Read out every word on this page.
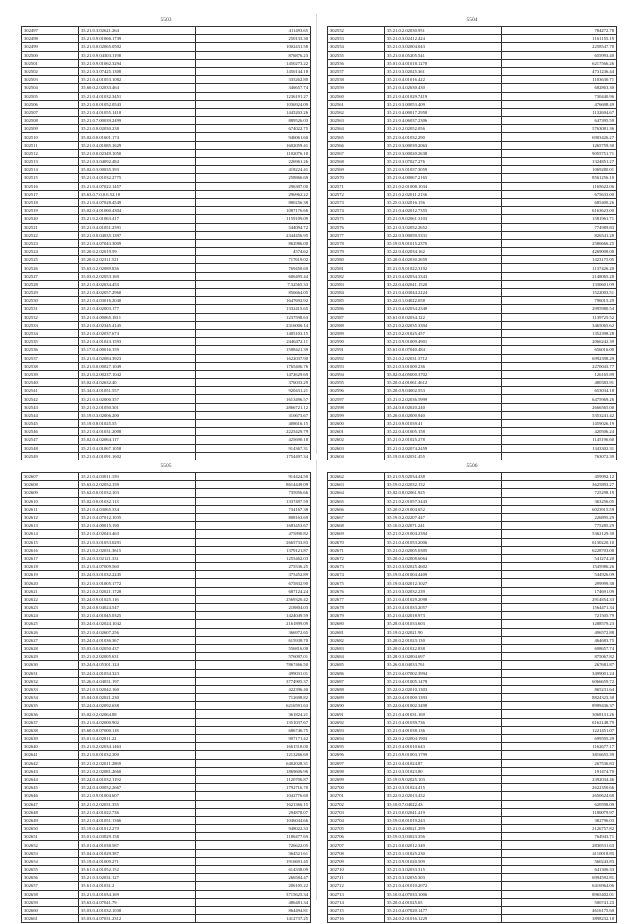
5503
302497	35.21.0.3.02621.264	411493.65
302498	35.21.0.9.01066.1739	250133.30
302499	35.21.0.0.02065.0502	1002431.58
302500	35.21.0.9.04303.1198	876876.23
302501	35.21.0.9.01062.3294	1450273.22
302502	35.21.0.3.07425.1308	1450144.18
302503	35.21.0.4.01053.1082	335262.80
302504	35.60.0.2.02033.464	346657.74
302505	35.21.0.4.01032.3451	1236191.27
302506	35.21.0.0.01052.0543	1036924.09
302507	35.21.0.4.01055.1418	1445203.26
302508	35.21.0.7.00039.2499	889526.03
302509	35.21.0.0.02030.238	674022.75
302510	35.02.0.0.01601.174	946061.60
302511	35.21.0.4.01085.1629	1602059.41
302512	35.21.0.0.02349.1050	1102076.18
302513	35.21.0.3.04092.484	226961.26
302514	35.02.0.3.00035.393	418224.41
302515	35.21.0.4.01032.2775	258866.69
302516	35.21.0.4.07022.1457	296307.00
302517	35.63.0.7.0.0.6.52.18	296962.22
302518	35.21.0.4.07028.4549	880256.38
302519	35.02.0.4.01060.4304	1087176.66
302520	35.21.0.2.01063.417	1159109.09
302521	35.21.0.4.01051.2591	544094.72
302522	35.21.0.0.04035.1397	2344456.95
302523	35.21.0.4.07043.3009	862986.00
302524	35.20.0.2.02019.59	4574.62
302525	35.20.0.2.02311.521	717619.02
302526	35.63.0.2.02089.836	769450.60
302527	35.03.0.2.02053.169	606495.44
302528	35.21.0.4.02634.453	7.32565.33
302529	35.21.0.4.02057.2960	856664.05
302530	35.21.0.4.03016.2040	1647692.92
302531	35.21.0.4.02003.177	1332415.65
302532	35.21.0.4.00065.1811	1237598.63
302533	35.21.0.4.02345.4145	2316006.14
302534	35.21.0.4.02037.674	1405103.15
302535	35.21.0.4.01023.1593	2446472.11
302536	35.17.0.4.00016.159	1588421.39
302537	35.21.0.4.02084.3923	1622037.90
302538	35.21.0.0.00027.1049	1765406.76
302539	35.21.0.2.00237.1042	1472629.69
302540	35.02.0.4.02632.40	376033.29
302541	35.34.0.4.01051.557	920431.21
302542	35.21.0.3.02000.357	1613496.57
302543	35.21.0.2.01050.301	2866721.12
302544	35.19.0.3.02006.200	310673.67
302545	35.19.0.8.01025.55	408616.15
302546	35.21.0.4.01031.2008	2225429.79
302547	35.02.0.4.02064.117	425690.18
302548	35.21.0.4.01067.1058	914367.31
302549	35.21.0.4.01091.1602	1754497.34

5504
302552	35.21.0.2.02030.951	784272.78
302553	35.21.0.3.02412.424	1161155.19
302554	35.21.0.3.02004.043	2258547.70
302555	35.21.0.0.05205.541	655993.40
302556	35.01.0.4.01018.1270	6217566.26
302557	35.21.0.3.02025.361	4731236.44
302558	35.21.0.4.01016.422	1103630.71
302559	35.21.0.4.02630.430	682863.30
302560	35.21.0.4.01029.7419	730440.96
302561	35.21.0.3.00053.409	476698.49
302562	35.21.0.4.00017.2958	1132694.67
302563	35.21.0.4.06037.2306	647395.59
302564	35.21.0.2.02052.056	5763081.36
302565	35.21.0.4.01032.290	6903426.27
302566	35.21.0.3.00039.2063	1265759.30
302567	35.21.0.3.00020.2638	9055751.71
302568	35.21.0.3.07027.276	1324851.27
302569	35.21.0.5.01037.3059	1069280.01
302570	35.21.0.4.00067.2165	8561256.10
302571	35.21.0.2.01008.1034	1165622.06
302572	35.21.0.2.02011.2136	675633.00
302573	35.25.0.3.02016.156	685400.26
302574	35.21.0.4.02012.7355	6163623.00
302575	35.21.0.9.02061.3103	1581961.71
302576	35.21.0.3.02052.2652	774989.83
302577	35.22.0.3.00059.5331	826541.28
302578	35.19.0.9.01015.2370	2580666.25
302579	35.22.0.4.02034.162	4269008.00
302580	35.20.0.4.02030.2659	1423175.05
302581	35.21.0.9.01022.3192	1137426.20
302582	35.21.0.4.02034.3343	2148065.28
302583	35.22.0.4.02041.1520	1330601.09
302584	35.21.0.4.03044.2224	1522003.51
302585	35.22.0.1.04022.058	796015.29
302586	35.21.0.4.02034.2348	2995980.54
302587	35.61.0.0.02034.122	1139725.52
302588	35.21.0.2.02035.3394	3465065.62
302589	35.21.0.2.01025.457	1352398.28
302590	35.21.0.9.01009.4901	2066242.39
302591	35.61.0.0.07040.484	656016.00
302592	35.21.0.2.02031.3712	6992398.29
302593	35.21.0.3.01000.236	2270043.77
302594	35.02.0.4.05000.3702	126165.89
302595	35.20.0.4.01061.4612	480383.91
302596	35.20.0.9.04002.553	653034.18
302597	35.21.0.2.02036.5999	6475969.26
302598	35.24.0.0.02020.240	2666565.00
302599	35.20.0.0.02000.940	5353241.42
302600	35.21.0.9.01039.41	1459026.19
302601	35.22.0.4.01005.158	420506.24
302602	35.21.0.2.01025.278	1145196.60
302603	35.21.0.2.02074.2459	1343302.31
302604	35.19.0.0.02031.455	763072.39

5505
302607	35.21.0.4.03011.159	914424.50
302608	35.63.0.2.02052.159	8614449.09
302609	35.62.0.0.01032.103	735956.66
302610	35.02.0.0.01032.113	1337497.59
302611	35.21.0.4.03065.334	734167.38
302612	35.21.0.4.07012.1035	808163.69
302613	35.21.0.4.00015.190	1683453.67
302614	35.21.0.4.02043.463	475890.82
302615	35.21.0.3.01053.0291	2665733.83
302616	35.21.0.2.02031.3615	1379121.87
302617	35.24.0.3.02121.331	1255462.03
302618	35.21.0.4.07009.560	275536.25
302619	35.24.0.3.01032.2245	375452.89
302620	35.21.0.3.01005.1772	675832.90
302621	35.21.0.2.02021.1728	687124.24
302622	35.24.0.9.01025.116	2569320.42
302623	35.24.0.8.04024.547	218804.03
302624	35.21.0.4.01045.0325	1424049.59
302625	35.24.0.4.02024.1042	2161899.09
302626	35.21.0.4.02607.256	366972.65
302627	35.24.0.4.01036.367	615938.70
302628	35.03.0.0.02050.437	556816.08
302629	35.21.0.2.02005.631	576097.01
302630	35.24.0.4.05301.124	7867466.50
302631	35.24.0.4.01034.323	499031.01
302632	35.26.0.4.04031.197	3774905.37
302633	35.21.0.3.02042.160	422396.40
302634	35.04.0.0.02021.230	712698.82
302635	35.24.0.4.02092.638	6216591.63
302636	35.02.0.2.02064.88	361824.21
302637	35.21.0.4.02000.902	1351037.67
302638	35.60.0.0.07000.118	686746.75
302639	35.01.0.4.02011.22	907171.42
302640	35.21.0.2.02034.1463	1661518.00
302641	35.21.0.0.01032.300	1213266.60
302642	35.21.0.2.02011.2869	6402028.31
302643	35.21.0.2.02081.2660	1869606.96
302644	35.24.0.4.01032.1192	1120706.87
302645	35.24.0.4.00052.2667	1792716.70
302646	35.21.0.9.01004.607	1042776.60
302647	35.21.0.2.02031.355	1621366.15
302648	35.21.0.4.01022.736	294878.07
302649	35.21.0.4.01051.1366	1046044.66
302650	35.19.0.4.01012.270	948022.33
302651	35.01.0.4.03029.158	1186477.69
302652	35.01.0.4.01038.587	726622.05
302653	35.04.0.4.01029.387	364521.61
302654	35.19.0.4.01009.271	1916691.45
302655	35.61.0.4.01052.152	614338.09
302656	35.21.0.3.02031.127	266584.47
302657	35.61.0.4.01031.2	206105.22
302658	35.21.0.4.01034.169	3715625.34
302659	35.63.0.4.07041.79	486481.34
302660	35.03.0.4.01032.1038	864494.81
302661	35.03.0.4.07031.2312	1412737.25
5506
302662	35.21.0.9.02034.438	459992.12
302663	35.19.0.2.02032.152	3625893.27
302664	35.02.0.8.02061.925	725298.19
302665	35.21.0.2.01057.3443	363256.05
302666	35.20.0.2.01004.652	6023915.59
302667	35.19.0.2.02207.447	226895.29
302668	35.10.0.2.02071.241	775285.29
302669	35.21.0.2.01004.2394	5362129.30
302670	35.21.0.4.01053.2006	6130220.10
302671	35.21.0.2.02005.0305	6228703.08
302672	35.20.0.2.02008.6064	541274.20
302673	35.21.0.3.02025.4602	1545986.26
302674	35.19.0.4.01004.4409	544926.09
302675	35.19.0.4.02012.1027	299999.38
302676	35.21.0.3.02032.239	174691.09
302677	35.21.0.4.01029.2098	2914854.33
302678	35.21.0.4.01033.2057	1564471.34
302679	35.21.0.4.02018.973	721505.79
302680	35.28.0.4.01033.603	1288579.23
302681	35.19.0.2.02021.90	496572.88
302682	35.20.0.2.01023.130	464683.75
302683	35.20.0.4.01022.838	698657.74
302684	35.28.0.3.02004.697	875067.82
302685	35.26.0.0.04033.761	267681.87
302686	35.21.0.4.07002.3994	3499001.24
302687	35.21.0.4.01005.1478	6066659.72
302688	35.22.0.2.02010.1303	865231.64
302689	35.22.0.4.01000.1393	8824323.30
302690	35.22.0.4.01002.3498	8999436.37
302691	35.21.0.4.01031.169	3068131.26
302692	35.21.0.4.01039.736	6162148.79
302693	35.21.0.4.01038.136	1221451.07
302694	35.22.0.2.02004.1903	699595.29
302695	35.21.0.4.01010.643	1162677.17
302696	35.21.0.9.01003.1799	3816655.39
302697	35.21.0.4.01024.87	267536.83
302698	35.21.0.3.01023.80	191474.70
302699	35.19.0.9.02025.103	2392034.46
302700	35.21.0.3.01024.415	2622350.66
302701	35.22.0.2.02013.432	2650624.68
302702	35.10.0.7.04022.43	620598.09
302703	35.21.0.0.02041.419	1180079.97
302704	35.19.0.0.01019.243	382796.03
302705	35.21.0.4.00021.299	2126757.82
302706	35.19.0.3.03023.356	764943.71
302707	35.21.0.0.02012.349	2830531.63
302708	35.21.0.1.01025.230	4110018.85
302709	35.21.0.9.01020.509	560243.83
302710	35.21.0.3.02033.315	641306.33
302711	35.21.0.3.02035.303	6994592.81
302712	35.21.0.4.01010.2072	6416964.06
302713	35.10.0.4.07033.1006	8965402.01
302714	35.20.0.4.01025.65	500741.23
302715	35.21.0.4.07020.1477	4616175.60
302716	35.24.0.2.01016.1229	3898232.18
